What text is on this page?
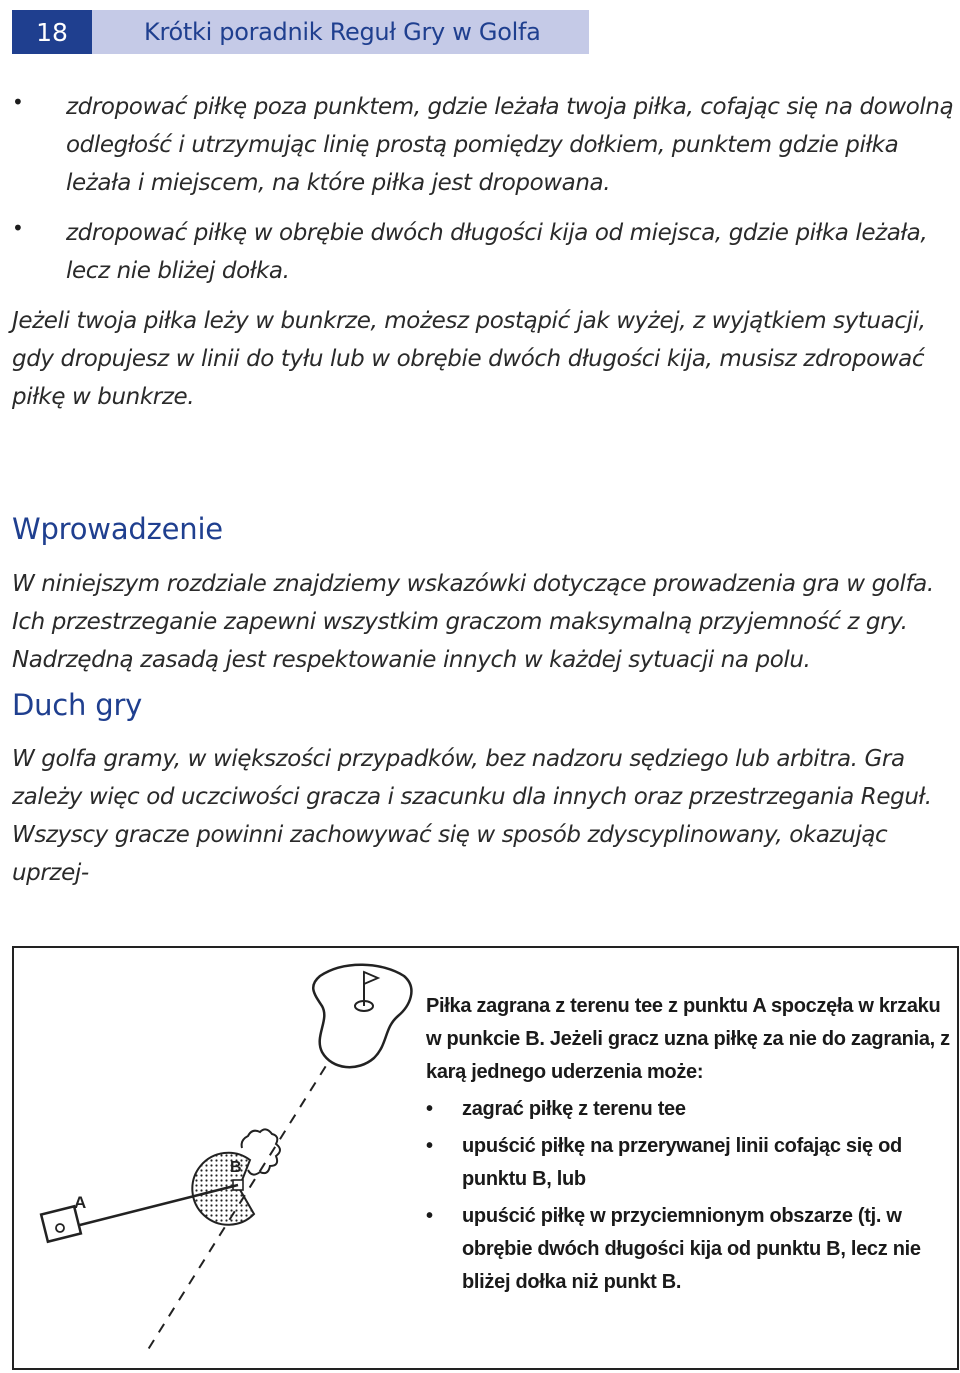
18	Krótki poradnik Reguł Gry w Golfa
• zdropować piłkę poza punktem, gdzie leżała twoja piłka, cofając się na dowolną odległość i utrzymując linię prostą pomiędzy dołkiem, punktem gdzie piłka leżała i miejscem, na które piłka jest dropowana.
• zdropować piłkę w obrębie dwóch długości kija od miejsca, gdzie piłka leżała, lecz nie bliżej dołka.

Jeżeli twoja piłka leży w bunkrze, możesz postąpić jak wyżej, z wyjątkiem sytuacji, gdy dropujesz w linii do tyłu lub w obrębie dwóch długości kija, musisz zdropować piłkę w bunkrze.

Wprowadzenie

W niniejszym rozdziale znajdziemy wskazówki dotyczące prowadzenia gra w golfa. Ich przestrzeganie zapewni wszystkim graczom maksymalną przyjemność z gry. Nadrzędną zasadą jest respektowanie innych w każdej sytuacji na polu.

Duch gry

W golfa gramy, w większości przypadków, bez nadzoru sędziego lub arbitra. Gra zależy więc od uczciwości gracza i szacunku dla innych oraz przestrzegania Reguł. Wszyscy gracze powinni zachowywać się w sposób zdyscyplinowany, okazując uprzej-

A
B

Piłka zagrana z terenu tee z punktu A spoczęła w krzaku w punkcie B. Jeżeli gracz uzna piłkę za nie do zagrania, z karą jednego uderzenia może:

• zagrać piłkę z terenu tee
• upuścić piłkę na przerywanej linii cofając się od punktu B, lub
• upuścić piłkę w przyciemnionym obszarze (tj. w obrębie dwóch długości kija od punktu B, lecz nie bliżej dołka niż punkt B.
